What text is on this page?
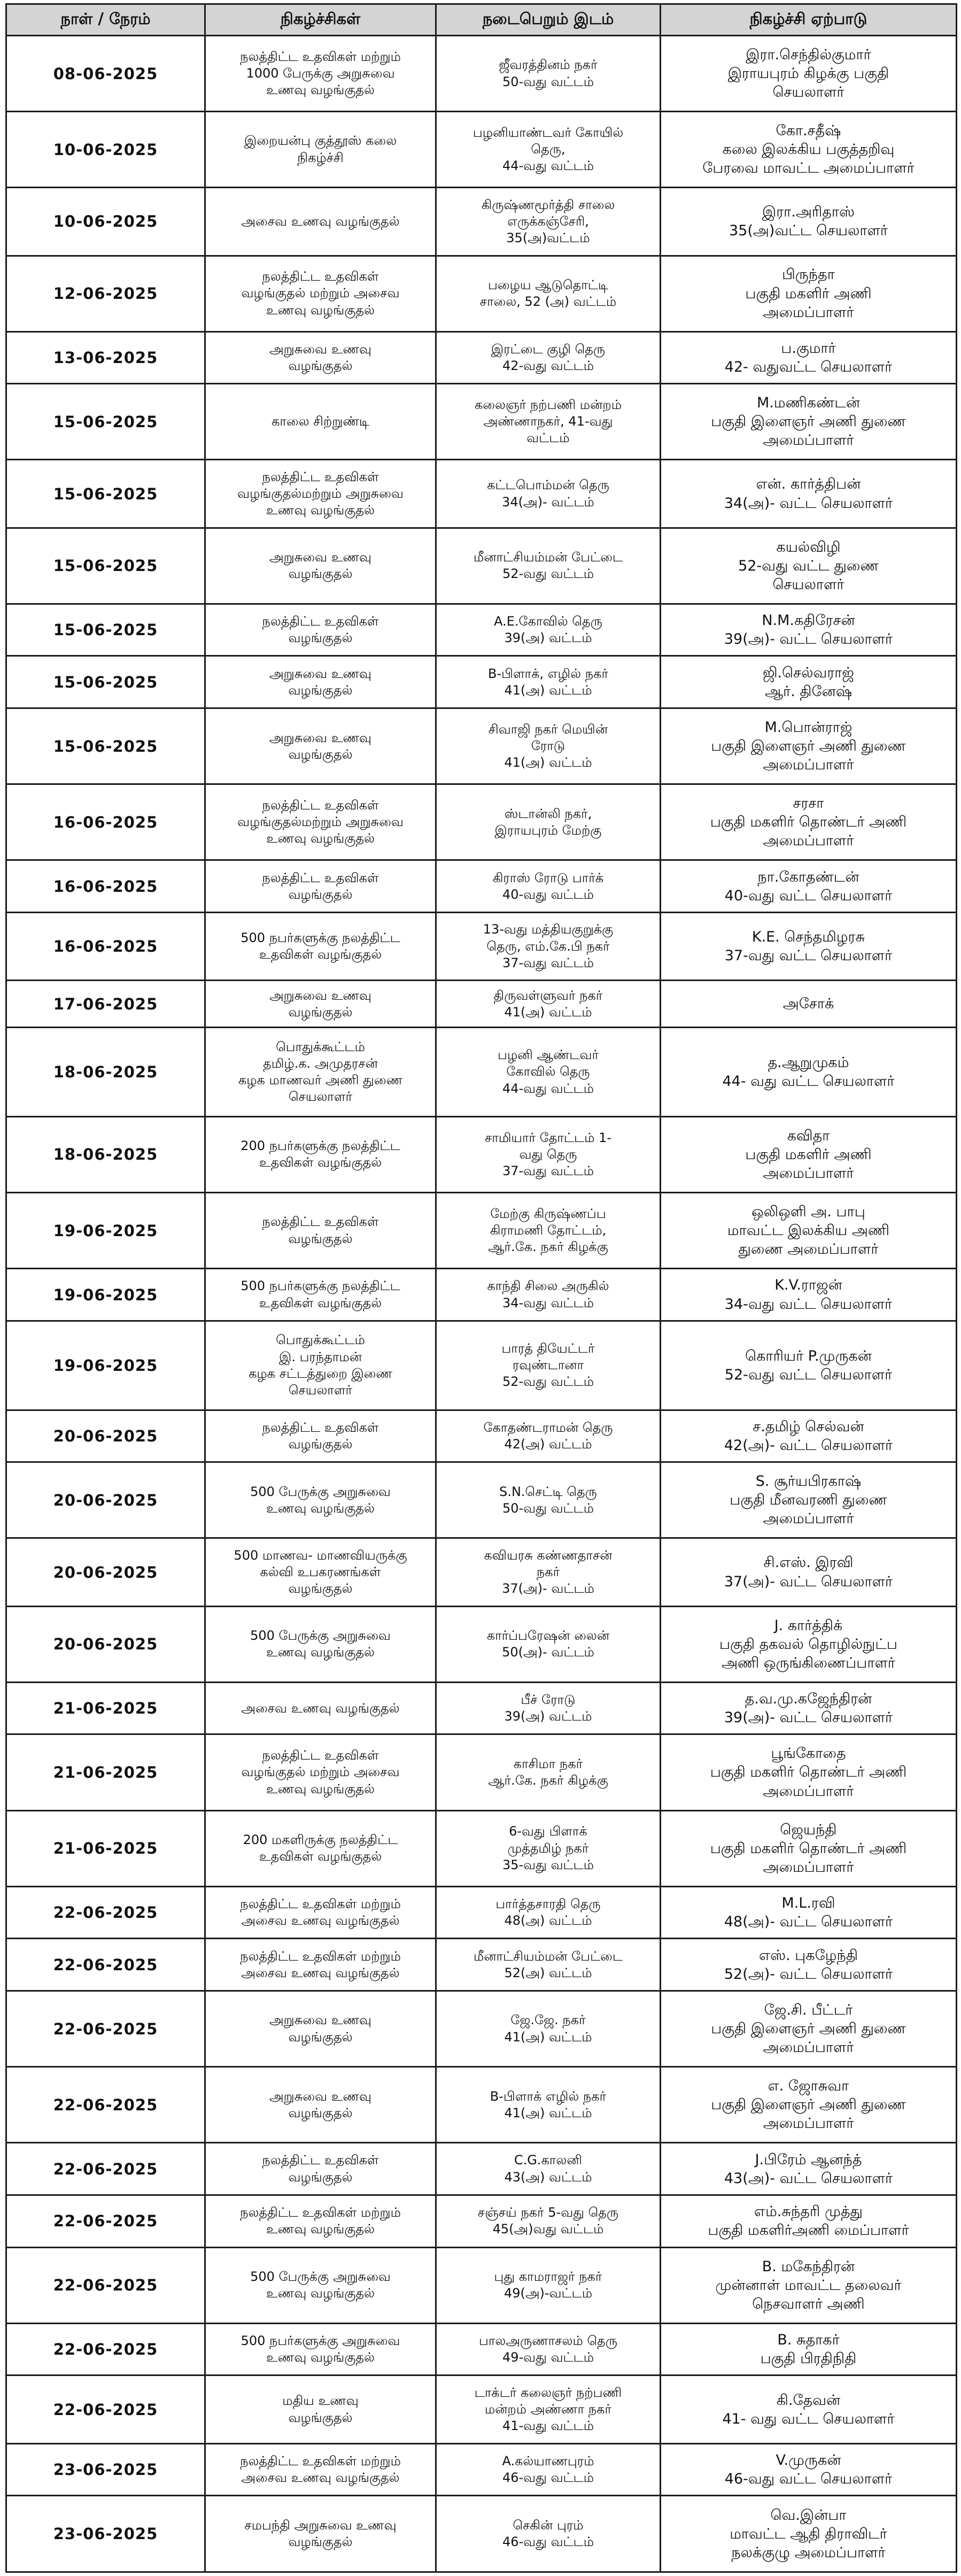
நாள் / நேரம்	நிகழ்ச்சிகள்	நடைபெறும் இடம்	நிகழ்ச்சி ஏற்பாடு
08-06-2025	நலத்திட்ட உதவிகள் மற்றும்
1000 பேருக்கு அறுசுவை
உணவு வழங்குதல்	ஜீவரத்தினம் நகர்
50-வது வட்டம்	இரா.செந்தில்குமார்
இராயபுரம் கிழக்கு பகுதி
செயலாளர்
10-06-2025	இறையன்பு குத்தூஸ் கலை
நிகழ்ச்சி	பழனியாண்டவர் கோயில்
தெரு,
44-வது வட்டம்	கோ.சதீஷ்
கலை இலக்கிய பகுத்தறிவு
பேரவை மாவட்ட அமைப்பாளர்
10-06-2025	அசைவ உணவு வழங்குதல்	கிருஷ்ணமூர்த்தி சாலை
எருக்கஞ்சேரி,
35(அ)வட்டம்	இரா.அரிதாஸ்
35(அ)வட்ட செயலாளர்
12-06-2025	நலத்திட்ட உதவிகள்
வழங்குதல் மற்றும் அசைவ
உணவு வழங்குதல்	பழைய ஆடுதொட்டி
சாலை, 52 (அ) வட்டம்	பிருந்தா
பகுதி மகளிர் அணி
அமைப்பாளர்
13-06-2025	அறுசுவை உணவு
வழங்குதல்	இரட்டை குழி தெரு
42-வது வட்டம்	ப.குமார்
42- வதுவட்ட செயலாளர்
15-06-2025	காலை சிற்றுண்டி	கலைஞர் நற்பணி மன்றம்
அண்ணாநகர், 41-வது
வட்டம்	M.மணிகண்டன்
பகுதி இளைஞர் அணி துணை
அமைப்பாளர்
15-06-2025	நலத்திட்ட உதவிகள்
வழங்குதல்மற்றும் அறுசுவை
உணவு வழங்குதல்	கட்டபொம்மன் தெரு
34(அ)- வட்டம்	என். கார்த்திபன்
34(அ)- வட்ட செயலாளர்
15-06-2025	அறுசுவை உணவு
வழங்குதல்	மீனாட்சியம்மன் பேட்டை
52-வது வட்டம்	கயல்விழி
52-வது வட்ட துணை
செயலாளர்
15-06-2025	நலத்திட்ட உதவிகள்
வழங்குதல்	A.E.கோவில் தெரு
39(அ) வட்டம்	N.M.கதிரேசன்
39(அ)- வட்ட செயலாளர்
15-06-2025	அறுசுவை உணவு
வழங்குதல்	B-பிளாக், எழில் நகர்
41(அ) வட்டம்	ஜி.செல்வராஜ்
ஆர். தினேஷ்
15-06-2025	அறுசுவை உணவு
வழங்குதல்	சிவாஜி நகர் மெயின்
ரோடு
41(அ) வட்டம்	M.பொன்ராஜ்
பகுதி இளைஞர் அணி துணை
அமைப்பாளர்
16-06-2025	நலத்திட்ட உதவிகள்
வழங்குதல்மற்றும் அறுசுவை
உணவு வழங்குதல்	ஸ்டான்லி நகர்,
இராயபுரம் மேற்கு	சரசா
பகுதி மகளிர் தொண்டர் அணி
அமைப்பாளர்
16-06-2025	நலத்திட்ட உதவிகள்
வழங்குதல்	கிராஸ் ரோடு பார்க்
40-வது வட்டம்	நா.கோதண்டன்
40-வது வட்ட செயலாளர்
16-06-2025	500 நபர்களுக்கு நலத்திட்ட
உதவிகள் வழங்குதல்	13-வது மத்தியகுறுக்கு
தெரு, எம்.கே.பி நகர்
37-வது வட்டம்	K.E. செந்தமிழரசு
37-வது வட்ட செயலாளர்
17-06-2025	அறுசுவை உணவு
வழங்குதல்	திருவள்ளுவர் நகர்
41(அ) வட்டம்	அசோக்
18-06-2025	பொதுக்கூட்டம்
தமிழ்.க. அமுதரசன்
கழக மாணவர் அணி துணை
செயலாளர்	பழனி ஆண்டவர்
கோவில் தெரு
44-வது வட்டம்	த.ஆறுமுகம்
44- வது வட்ட செயலாளர்
18-06-2025	200 நபர்களுக்கு நலத்திட்ட
உதவிகள் வழங்குதல்	சாமியார் தோட்டம் 1-
வது தெரு
37-வது வட்டம்	கவிதா
பகுதி மகளிர் அணி
அமைப்பாளர்
19-06-2025	நலத்திட்ட உதவிகள்
வழங்குதல்	மேற்கு கிருஷ்ணப்ப
கிராமணி தோட்டம்,
ஆர்.கே. நகர் கிழக்கு	ஒலிஒளி அ. பாபு
மாவட்ட இலக்கிய அணி
துணை அமைப்பாளர்
19-06-2025	500 நபர்களுக்கு நலத்திட்ட
உதவிகள் வழங்குதல்	காந்தி சிலை அருகில்
34-வது வட்டம்	K.V.ராஜன்
34-வது வட்ட செயலாளர்
19-06-2025	பொதுக்கூட்டம்
இ. பரந்தாமன்
கழக சட்டத்துறை இணை
செயலாளர்	பாரத் தியேட்டர்
ரவுண்டானா
52-வது வட்டம்	கொரியர் P.முருகன்
52-வது வட்ட செயலாளர்
20-06-2025	நலத்திட்ட உதவிகள்
வழங்குதல்	கோதண்டராமன் தெரு
42(அ) வட்டம்	ச.தமிழ் செல்வன்
42(அ)- வட்ட செயலாளர்
20-06-2025	500 பேருக்கு அறுசுவை
உணவு வழங்குதல்	S.N.செட்டி தெரு
50-வது வட்டம்	S. சூர்யபிரகாஷ்
பகுதி மீனவரணி துணை
அமைப்பாளர்
20-06-2025	500 மாணவ- மாணவியருக்கு
கல்வி உபகரணங்கள்
வழங்குதல்	கவியரசு கண்ணதாசன்
நகர்
37(அ)- வட்டம்	சி.எஸ். இரவி
37(அ)- வட்ட செயலாளர்
20-06-2025	500 பேருக்கு அறுசுவை
உணவு வழங்குதல்	கார்ப்பரேஷன் லைன்
50(அ)- வட்டம்	J. கார்த்திக்
பகுதி தகவல் தொழில்நுட்ப
அணி ஒருங்கிணைப்பாளர்
21-06-2025	அசைவ உணவு வழங்குதல்	பீச் ரோடு
39(அ) வட்டம்	த.வ.மு.கஜேந்திரன்
39(அ)- வட்ட செயலாளர்
21-06-2025	நலத்திட்ட உதவிகள்
வழங்குதல் மற்றும் அசைவ
உணவு வழங்குதல்	காசிமா நகர்
ஆர்.கே. நகர் கிழக்கு	பூங்கோதை
பகுதி மகளிர் தொண்டர் அணி
அமைப்பாளர்
21-06-2025	200 மகளிருக்கு நலத்திட்ட
உதவிகள் வழங்குதல்	6-வது பிளாக்
முத்தமிழ் நகர்
35-வது வட்டம்	ஜெயந்தி
பகுதி மகளிர் தொண்டர் அணி
அமைப்பாளர்
22-06-2025	நலத்திட்ட உதவிகள் மற்றும்
அசைவ உணவு வழங்குதல்	பார்த்தசாரதி தெரு
48(அ) வட்டம்	M.L.ரவி
48(அ)- வட்ட செயலாளர்
22-06-2025	நலத்திட்ட உதவிகள் மற்றும்
அசைவ உணவு வழங்குதல்	மீனாட்சியம்மன் பேட்டை
52(அ) வட்டம்	எஸ். புகழேந்தி
52(அ)- வட்ட செயலாளர்
22-06-2025	அறுசுவை உணவு
வழங்குதல்	ஜே.ஜே. நகர்
41(அ) வட்டம்	ஜே.சி. பீட்டர்
பகுதி இளைஞர் அணி துணை
அமைப்பாளர்
22-06-2025	அறுசுவை உணவு
வழங்குதல்	B-பிளாக் எழில் நகர்
41(அ) வட்டம்	எ. ஜோசுவா
பகுதி இளைஞர் அணி துணை
அமைப்பாளர்
22-06-2025	நலத்திட்ட உதவிகள்
வழங்குதல்	C.G.காலனி
43(அ) வட்டம்	J.பிரேம் ஆனந்த்
43(அ)- வட்ட செயலாளர்
22-06-2025	நலத்திட்ட உதவிகள் மற்றும்
உணவு வழங்குதல்	சஞ்சய் நகர் 5-வது தெரு
45(அ)வது வட்டம்	எம்.சுந்தரி முத்து
பகுதி மகளிர்அணி மைப்பாளர்
22-06-2025	500 பேருக்கு அறுசுவை
உணவு வழங்குதல்	புது காமராஜர் நகர்
49(அ)-வட்டம்	B. மகேந்திரன்
முன்னாள் மாவட்ட தலைவர்
நெசவாளர் அணி
22-06-2025	500 நபர்களுக்கு அறுசுவை
உணவு வழங்குதல்	பாலஅருணாசலம் தெரு
49-வது வட்டம்	B. சுதாகர்
பகுதி பிரதிநிதி
22-06-2025	மதிய உணவு
வழங்குதல்	டாக்டர் கலைஞர் நற்பணி
மன்றம் அண்ணா நகர்
41-வது வட்டம்	கி.தேவன்
41- வது வட்ட செயலாளர்
23-06-2025	நலத்திட்ட உதவிகள் மற்றும்
அசைவ உணவு வழங்குதல்	A.கல்யாணபுரம்
46-வது வட்டம்	V.முருகன்
46-வது வட்ட செயலாளர்
23-06-2025	சமபந்தி அறுசுவை உணவு
வழங்குதல்	செகின் புரம்
46-வது வட்டம்	வெ.இன்பா
மாவட்ட ஆதி திராவிடர்
நலக்குழு அமைப்பாளர்
